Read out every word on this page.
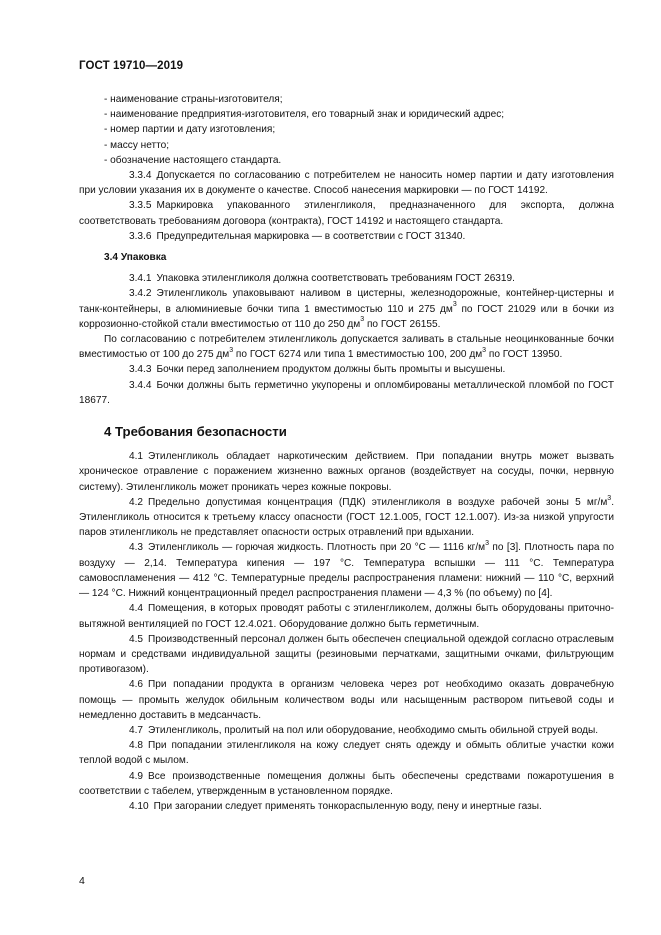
ГОСТ 19710—2019

- наименование страны-изготовителя;

- наименование предприятия-изготовителя, его товарный знак и юридический адрес;

- номер партии и дату изготовления;

- массу нетто;

- обозначение настоящего стандарта.

3.3.4 Допускается по согласованию с потребителем не наносить номер партии и дату изготовления при условии указания их в документе о качестве. Способ нанесения маркировки — по ГОСТ 14192.

3.3.5 Маркировка упакованного этиленгликоля, предназначенного для экспорта, должна соответствовать требованиям договора (контракта), ГОСТ 14192 и настоящего стандарта.

3.3.6 Предупредительная маркировка — в соответствии с ГОСТ 31340.

3.4 Упаковка

3.4.1 Упаковка этиленгликоля должна соответствовать требованиям ГОСТ 26319.

3.4.2 Этиленгликоль упаковывают наливом в цистерны, железнодорожные, контейнер-цистерны и танк-контейнеры, в алюминиевые бочки типа 1 вместимостью 110 и 275 $дм^3$ по ГОСТ 21029 или в бочки из коррозионно-стойкой стали вместимостью от 110 до 250 $дм^3$ по ГОСТ 26155.

По согласованию с потребителем этиленгликоль допускается заливать в стальные неоцинкованные бочки вместимостью от 100 до 275 $дм^3$ по ГОСТ 6274 или типа 1 вместимостью 100, 200 $дм^3$ по ГОСТ 13950.

3.4.3 Бочки перед заполнением продуктом должны быть промыты и высушены.

3.4.4 Бочки должны быть герметично укупорены и опломбированы металлической пломбой по ГОСТ 18677.

4 Требования безопасности

4.1 Этиленгликоль обладает наркотическим действием. При попадании внутрь может вызвать хроническое отравление с поражением жизненно важных органов (воздействует на сосуды, почки, нервную систему). Этиленгликоль может проникать через кожные покровы.

4.2 Предельно допустимая концентрация (ПДК) этиленгликоля в воздухе рабочей зоны 5 $мг/м^3$. Этиленгликоль относится к третьему классу опасности (ГОСТ 12.1.005, ГОСТ 12.1.007). Из-за низкой упругости паров этиленгликоль не представляет опасности острых отравлений при вдыхании.

4.3 Этиленгликоль — горючая жидкость. Плотность при 20 °С — 1116 $кг/м^3$ по [3]. Плотность пара по воздуху — 2,14. Температура кипения — 197 °С. Температура вспышки — 111 °С. Температура самовоспламенения — 412 °С. Температурные пределы распространения пламени: нижний — 110 °С, верхний — 124 °С. Нижний концентрационный предел распространения пламени — 4,3 % (по объему) по [4].

4.4 Помещения, в которых проводят работы с этиленгликолем, должны быть оборудованы приточно-вытяжной вентиляцией по ГОСТ 12.4.021. Оборудование должно быть герметичным.

4.5 Производственный персонал должен быть обеспечен специальной одеждой согласно отраслевым нормам и средствами индивидуальной защиты (резиновыми перчатками, защитными очками, фильтрующим противогазом).

4.6 При попадании продукта в организм человека через рот необходимо оказать доврачебную помощь — промыть желудок обильным количеством воды или насыщенным раствором питьевой соды и немедленно доставить в медсанчасть.

4.7 Этиленгликоль, пролитый на пол или оборудование, необходимо смыть обильной струей воды.

4.8 При попадании этиленгликоля на кожу следует снять одежду и обмыть облитые участки кожи теплой водой с мылом.

4.9 Все производственные помещения должны быть обеспечены средствами пожаротушения в соответствии с табелем, утвержденным в установленном порядке.

4.10 При загорании следует применять тонкораспыленную воду, пену и инертные газы.

4
